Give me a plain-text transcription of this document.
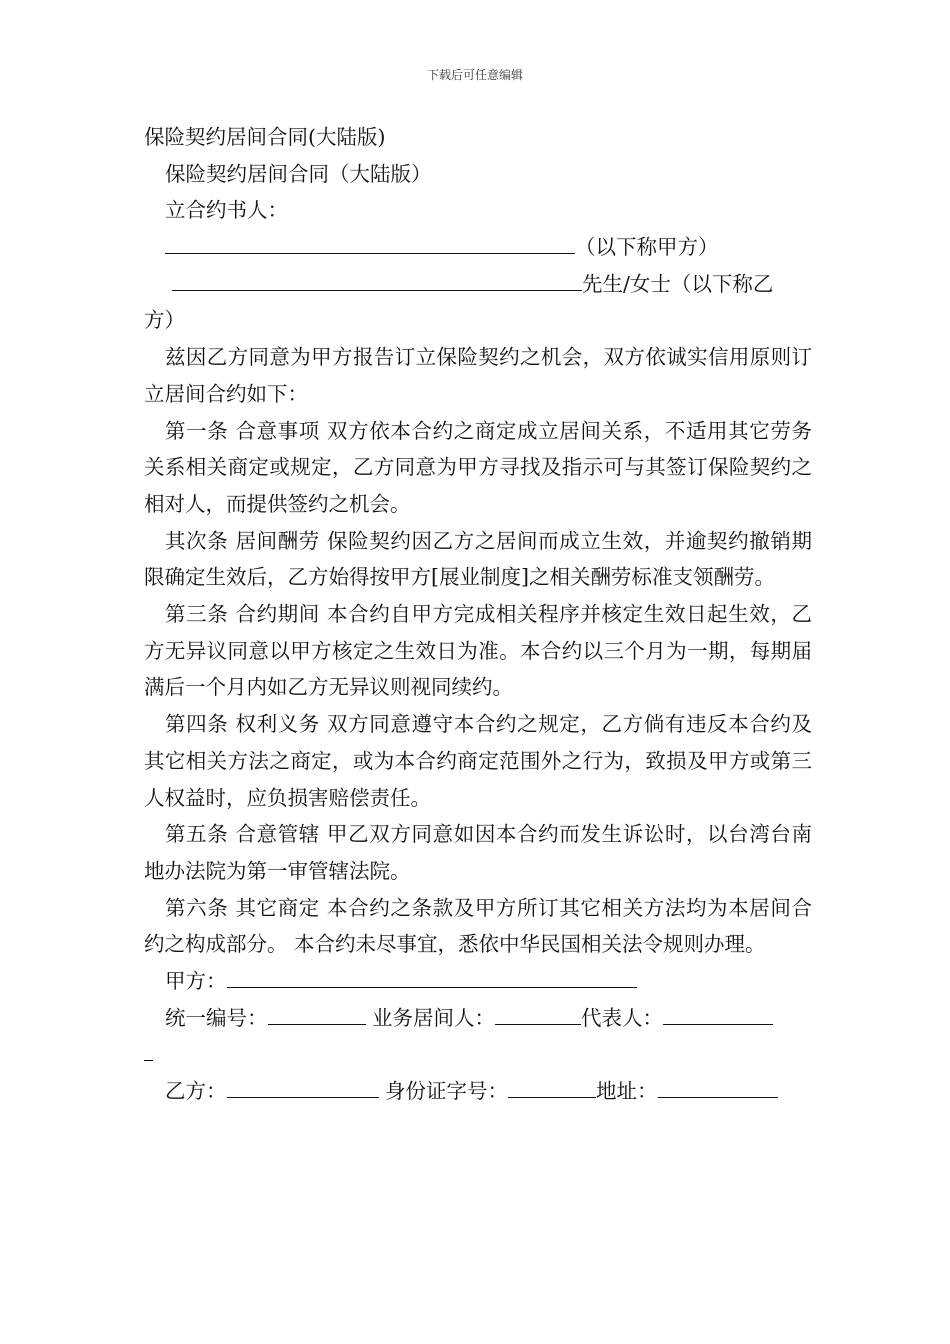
下载后可任意编辑
保险契约居间合同(大陆版)
保险契约居间合同（大陆版）
立合约书人：
（以下称甲方）
先生/女士（以下称乙
方）

兹因乙方同意为甲方报告订立保险契约之机会，双方依诚实信用原则订立居间合约如下：

第一条 合意事项 双方依本合约之商定成立居间关系，不适用其它劳务关系相关商定或规定，乙方同意为甲方寻找及指示可与其签订保险契约之相对人，而提供签约之机会。

其次条 居间酬劳 保险契约因乙方之居间而成立生效，并逾契约撤销期限确定生效后，乙方始得按甲方[展业制度]之相关酬劳标准支领酬劳。

第三条 合约期间 本合约自甲方完成相关程序并核定生效日起生效，乙方无异议同意以甲方核定之生效日为准。本合约以三个月为一期，每期届满后一个月内如乙方无异议则视同续约。

第四条 权利义务 双方同意遵守本合约之规定，乙方倘有违反本合约及其它相关方法之商定，或为本合约商定范围外之行为，致损及甲方或第三人权益时，应负损害赔偿责任。

第五条 合意管辖 甲乙双方同意如因本合约而发生诉讼时，以台湾台南地办法院为第一审管辖法院。

第六条 其它商定 本合约之条款及甲方所订其它相关方法均为本居间合约之构成部分。 本合约未尽事宜，悉依中华民国相关法令规则办理。

甲方：
统一编号：	业务居间人：	代表人：
乙方：	身份证字号：	地址：
